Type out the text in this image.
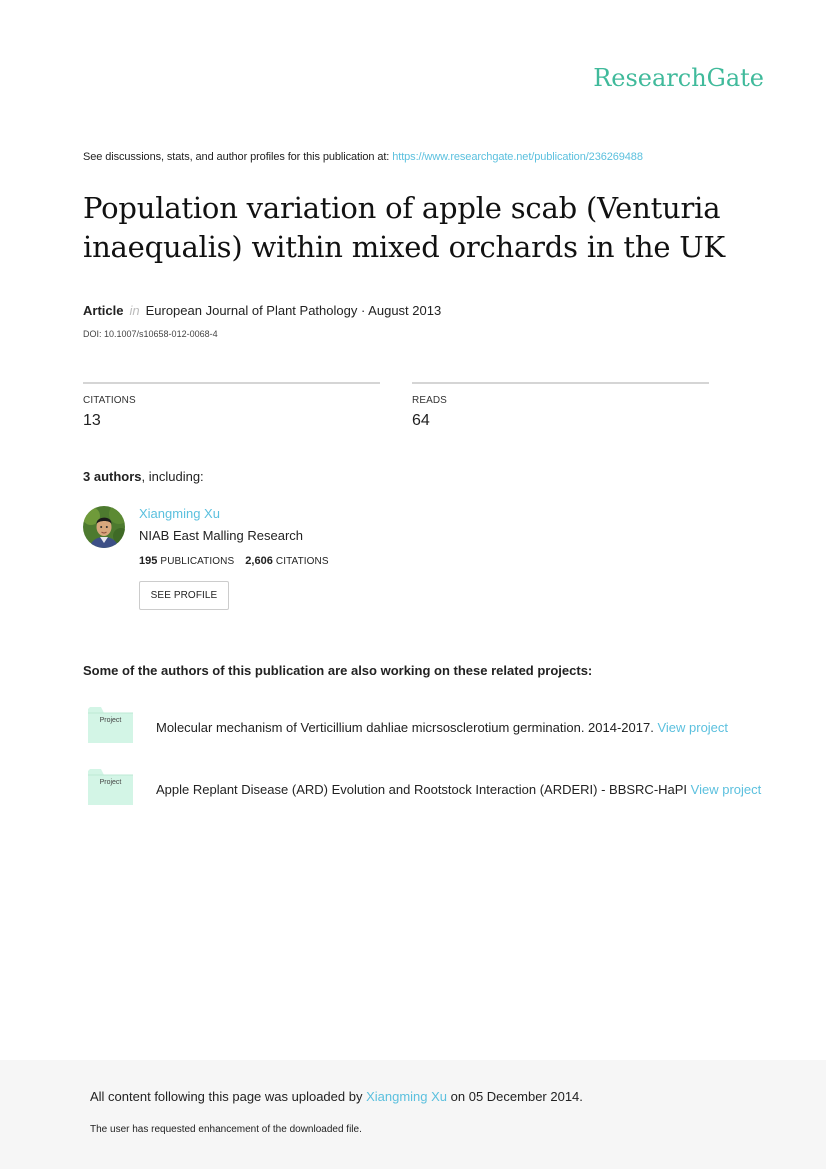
ResearchGate
See discussions, stats, and author profiles for this publication at: https://www.researchgate.net/publication/236269488
Population variation of apple scab (Venturia inaequalis) within mixed orchards in the UK
Article in European Journal of Plant Pathology · August 2013
DOI: 10.1007/s10658-012-0068-4
CITATIONS
13
READS
64
3 authors, including:
Xiangming Xu
NIAB East Malling Research
195 PUBLICATIONS 2,606 CITATIONS
SEE PROFILE
Some of the authors of this publication are also working on these related projects:
Project	Molecular mechanism of Verticillium dahliae micrsosclerotium germination. 2014-2017. View project
Project	Apple Replant Disease (ARD) Evolution and Rootstock Interaction (ARDERI) - BBSRC-HaPI View project
All content following this page was uploaded by Xiangming Xu on 05 December 2014.
The user has requested enhancement of the downloaded file.
